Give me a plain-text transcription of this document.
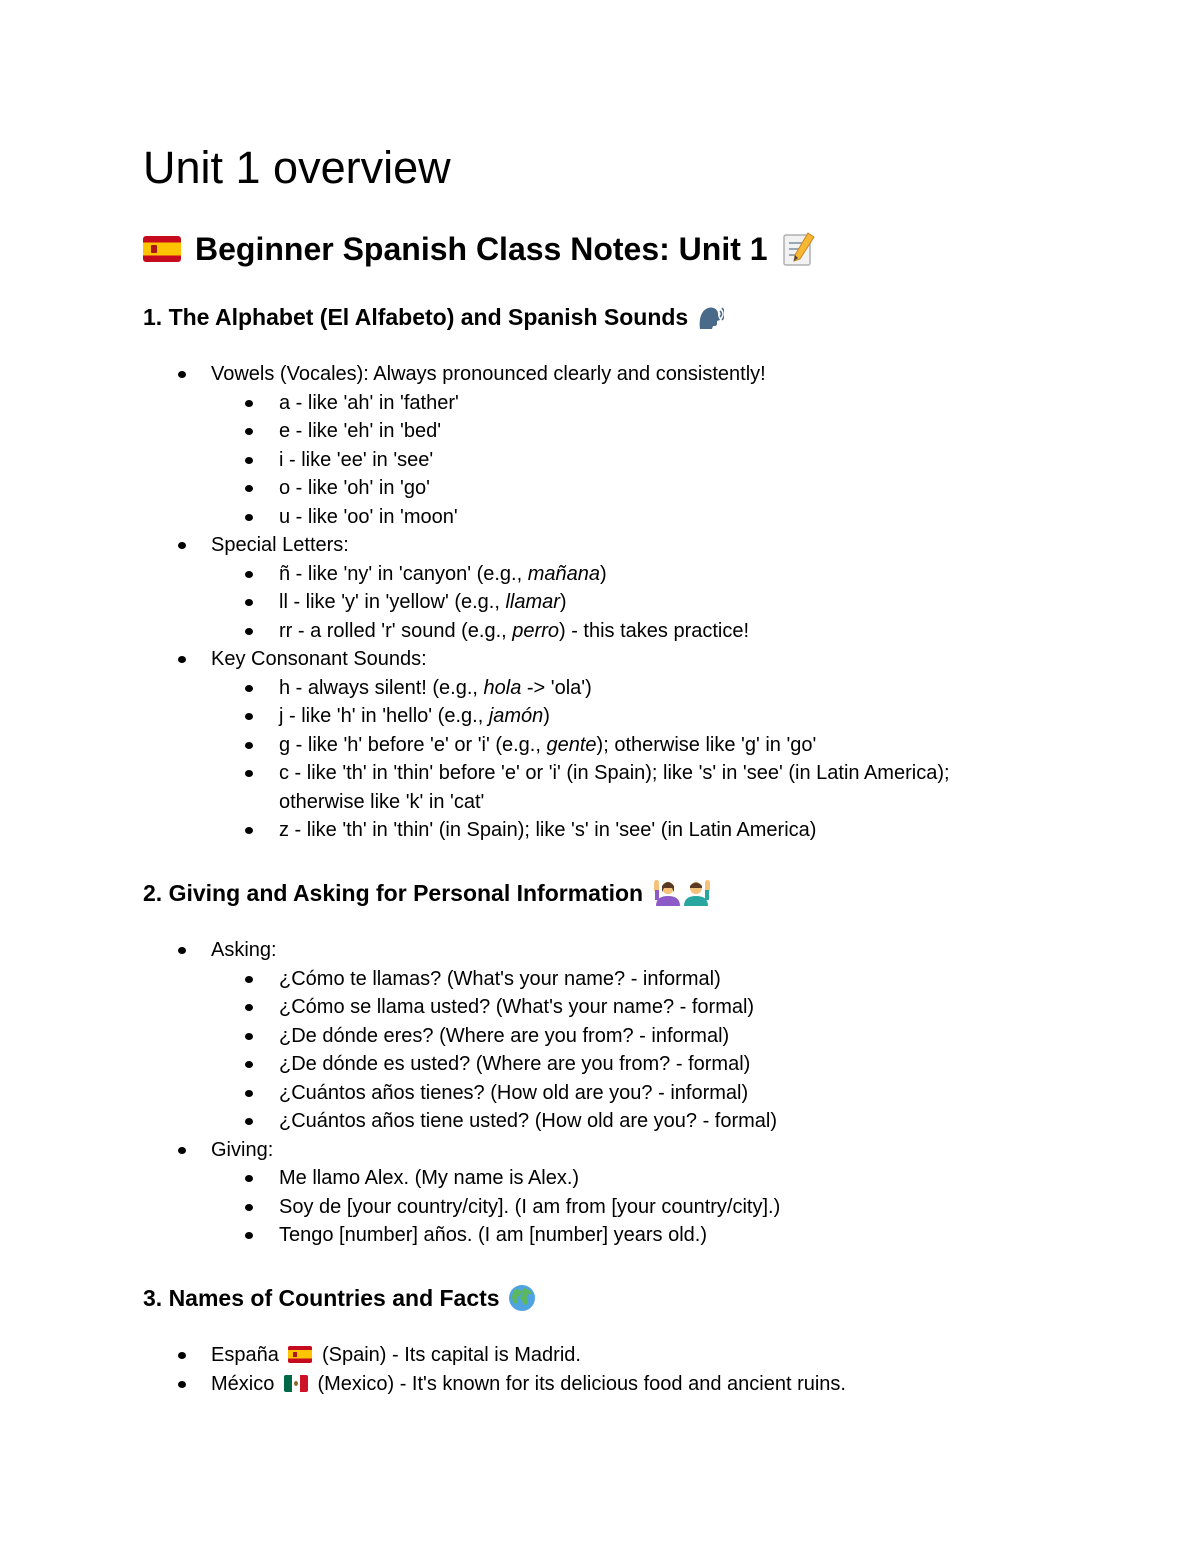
Unit 1 overview
Beginner Spanish Class Notes: Unit 1
1. The Alphabet (El Alfabeto) and Spanish Sounds
Vowels (Vocales): Always pronounced clearly and consistently!
a - like 'ah' in 'father'
e - like 'eh' in 'bed'
i - like 'ee' in 'see'
o - like 'oh' in 'go'
u - like 'oo' in 'moon'
Special Letters:
ñ - like 'ny' in 'canyon' (e.g., mañana)
ll - like 'y' in 'yellow' (e.g., llamar)
rr - a rolled 'r' sound (e.g., perro) - this takes practice!
Key Consonant Sounds:
h - always silent! (e.g., hola -> 'ola')
j - like 'h' in 'hello' (e.g., jamón)
g - like 'h' before 'e' or 'i' (e.g., gente); otherwise like 'g' in 'go'
c - like 'th' in 'thin' before 'e' or 'i' (in Spain); like 's' in 'see' (in Latin America); otherwise like 'k' in 'cat'
z - like 'th' in 'thin' (in Spain); like 's' in 'see' (in Latin America)
2. Giving and Asking for Personal Information
Asking:
¿Cómo te llamas? (What's your name? - informal)
¿Cómo se llama usted? (What's your name? - formal)
¿De dónde eres? (Where are you from? - informal)
¿De dónde es usted? (Where are you from? - formal)
¿Cuántos años tienes? (How old are you? - informal)
¿Cuántos años tiene usted? (How old are you? - formal)
Giving:
Me llamo Alex. (My name is Alex.)
Soy de [your country/city]. (I am from [your country/city].)
Tengo [number] años. (I am [number] years old.)
3. Names of Countries and Facts
España (Spain) - Its capital is Madrid.
México (Mexico) - It's known for its delicious food and ancient ruins.
